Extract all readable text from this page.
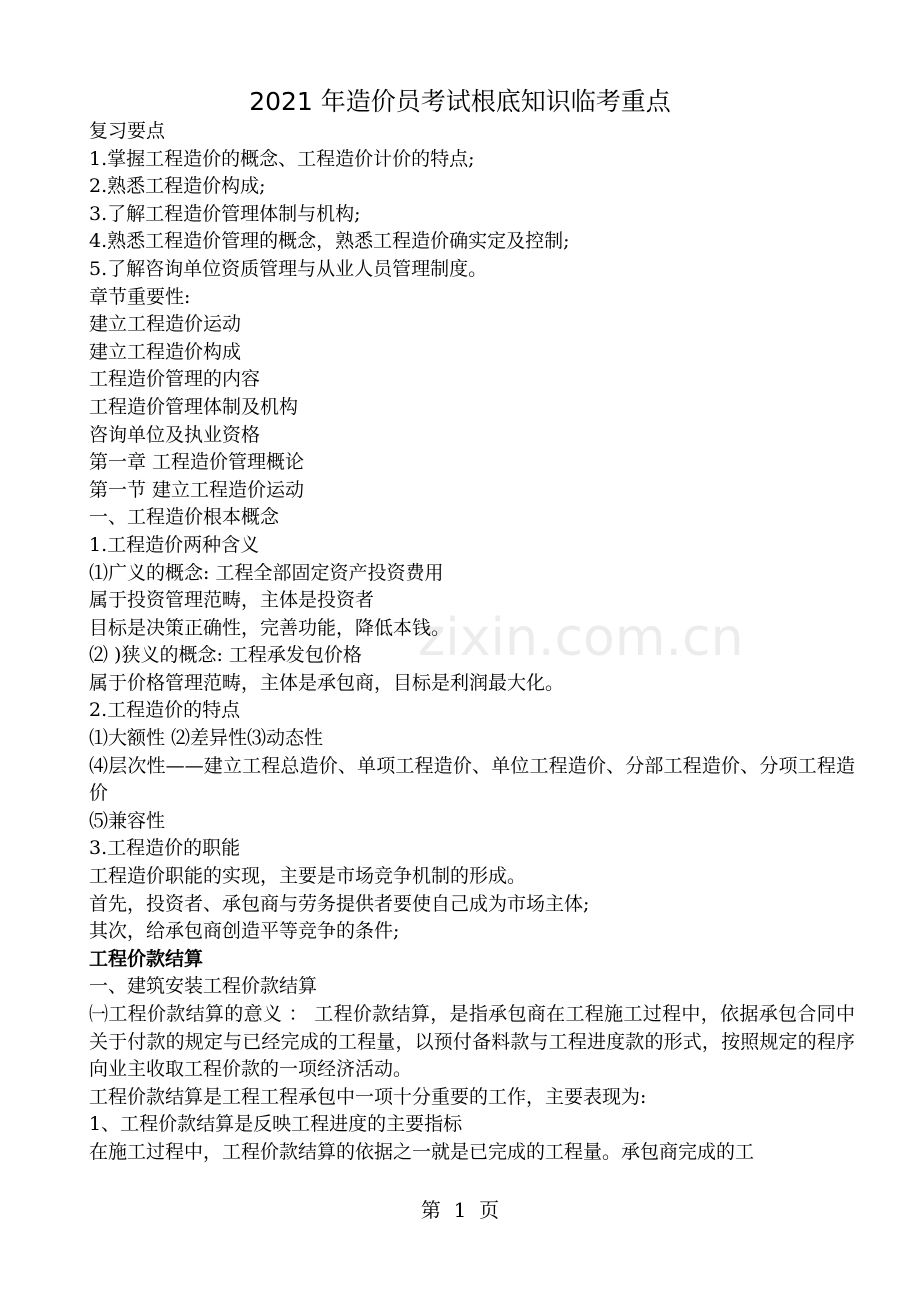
2021 年造价员考试根底知识临考重点
复习要点
1.掌握工程造价的概念、工程造价计价的特点;
2.熟悉工程造价构成;
3.了解工程造价管理体制与机构;
4.熟悉工程造价管理的概念，熟悉工程造价确实定及控制;
5.了解咨询单位资质管理与从业人员管理制度。
章节重要性:
建立工程造价运动
建立工程造价构成
工程造价管理的内容
工程造价管理体制及机构
咨询单位及执业资格
第一章 工程造价管理概论
第一节 建立工程造价运动
一、工程造价根本概念
1.工程造价两种含义
⑴广义的概念: 工程全部固定资产投资费用
属于投资管理范畴，主体是投资者
目标是决策正确性，完善功能，降低本钱。
⑵ )狭义的概念: 工程承发包价格
属于价格管理范畴，主体是承包商，目标是利润最大化。
2.工程造价的特点
⑴大额性 ⑵差异性⑶动态性
⑷层次性——建立工程总造价、单项工程造价、单位工程造价、分部工程造价、分项工程造价
⑸兼容性
3.工程造价的职能
工程造价职能的实现，主要是市场竞争机制的形成。
首先，投资者、承包商与劳务提供者要使自己成为市场主体;
其次，给承包商创造平等竞争的条件;
工程价款结算
一、建筑安装工程价款结算
㈠工程价款结算的意义 ： 工程价款结算，是指承包商在工程施工过程中，依据承包合同中关于付款的规定与已经完成的工程量，以预付备料款与工程进度款的形式，按照规定的程序向业主收取工程价款的一项经济活动。
工程价款结算是工程工程承包中一项十分重要的工作，主要表现为:
1、工程价款结算是反映工程进度的主要指标
在施工过程中，工程价款结算的依据之一就是已完成的工程量。承包商完成的工
zixin.com.cn
第  1  页
